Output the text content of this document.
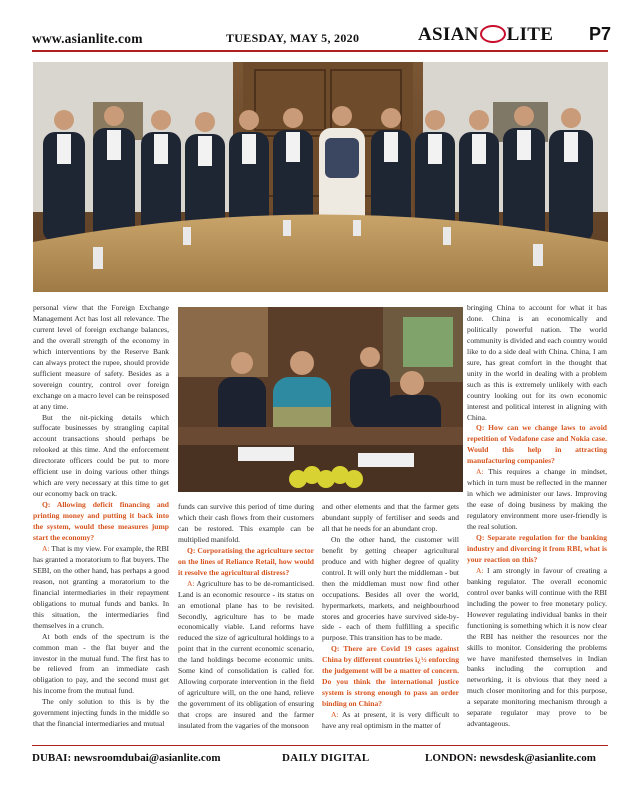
www.asianlite.com	TUESDAY, MAY 5, 2020	ASIAN LITE P7

personal view that the Foreign Exchange Management Act has lost all relevance. The current level of foreign exchange balances, and the overall strength of the economy in which interventions by the Reserve Bank can always protect the rupee, should provide sufficient measure of safety. Besides as a sovereign country, control over foreign exchange on a macro level can be reinsposed at any time.

But the nit-picking details which suffocate businesses by strangling capital account transactions should perhaps be relooked at this time. And the enforcement directorate officers could be put to more efficient use in doing various other things which are very necessary at this time to get our economy back on track.

Q: Allowing deficit financing and printing money and putting it back into the system, would these measures jump start the economy?

A: That is my view. For example, the RBI has granted a moratorium to flat buyers. The SEBI, on the other hand, has perhaps a good reason, not granting a moratorium to the financial intermediaries in their repayment obligations to mutual funds and banks. In this situation, the intermediaries find themselves in a crunch.

At both ends of the spectrum is the common man - the flat buyer and the investor in the mutual fund. The first has to be relieved from an immediate cash obligation to pay, and the second must get his income from the mutual fund.

The only solution to this is by the government injecting funds in the middle so that the financial intermediaries and mutual

funds can survive this period of time during which their cash flows from their customers can be restored. This example can be multiplied manifold.

Q: Corporatising the agriculture sector on the lines of Reliance Retail, how would it resolve the agricultural distress?

A: Agriculture has to be de-romanticised. Land is an economic resource - its status on an emotional plane has to be revisited. Secondly, agriculture has to be made economically viable. Land reforms have reduced the size of agricultural holdings to a point that in the current economic scenario, the land holdings become economic units. Some kind of consolidation is called for. Allowing corporate intervention in the field of agriculture will, on the one hand, relieve the government of its obligation of ensuring that crops are insured and the farmer insulated from the vagaries of the monsoon

and other elements and that the farmer gets abundant supply of fertiliser and seeds and all that he needs for an abundant crop.

On the other hand, the customer will benefit by getting cheaper agricultural produce and with higher degree of quality control. It will only hurt the middleman - but then the middleman must now find other occupations. Besides all over the world, hypermarkets, markets, and neighbourhood stores and groceries have survived side-by-side - each of them fulfilling a specific purpose. This transition has to be made.

Q: There are Covid 19 cases against China by different countries ï¿½ enforcing the judgement will be a matter of concern. Do you think the international justice system is strong enough to pass an order binding on China?

A: As at present, it is very difficult to have any real optimism in the matter of

bringing China to account for what it has done. China is an economically and politically powerful nation. The world community is divided and each country would like to do a side deal with China. China, I am sure, has great comfort in the thought that unity in the world in dealing with a problem such as this is extremely unlikely with each country looking out for its own economic interest and political interest in aligning with China.

Q: How can we change laws to avoid repetition of Vodafone case and Nokia case. Would this help in attracting manufacturing companies?

A: This requires a change in mindset, which in turn must be reflected in the manner in which we administer our laws. Improving the ease of doing business by making the regulatory environment more user-friendly is the real solution.

Q: Separate regulation for the banking industry and divorcing it from RBI, what is your reaction on this?

A: I am strongly in favour of creating a banking regulator. The overall economic control over banks will continue with the RBI including the power to free monetary policy. However regulating individual banks in their functioning is something which it is now clear the RBI has neither the resources nor the skills to monitor. Considering the problems we have manifested themselves in Indian banks including the corruption and networking, it is obvious that they need a much closer monitoring and for this purpose, a separate monitoring mechanism through a separate regulator may prove to be advantageous.

DUBAI: newsroomdubai@asianlite.com	DAILY DIGITAL	LONDON: newsdesk@asianlite.com
